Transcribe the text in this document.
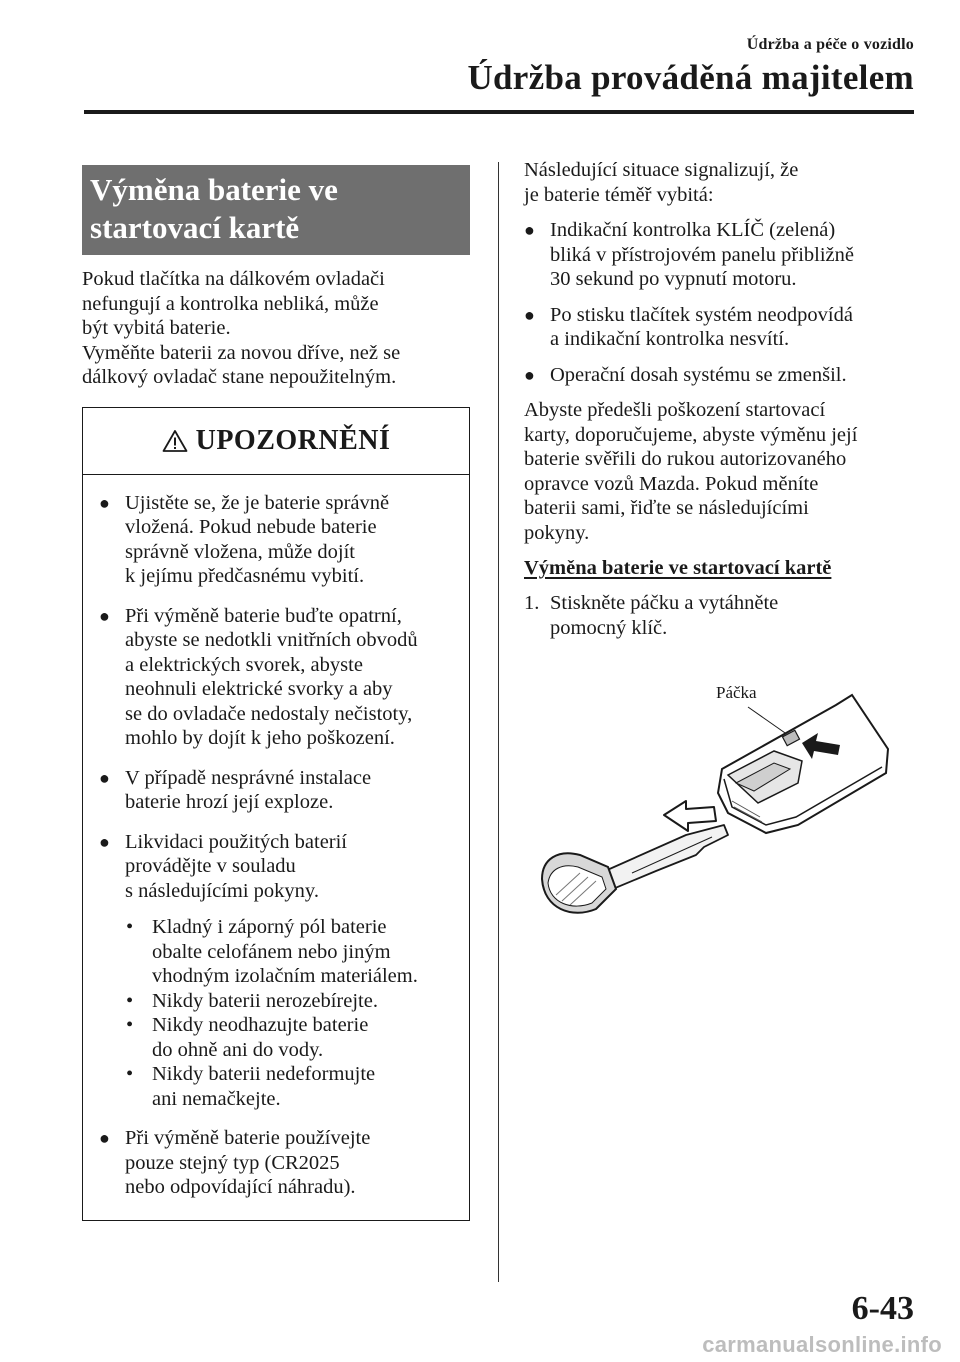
Údržba a péče o vozidlo
Údržba prováděná majitelem
Výměna baterie ve
startovací kartě

Pokud tlačítka na dálkovém ovladači
nefungují a kontrolka nebliká, může
být vybitá baterie.
Vyměňte baterii za novou dříve, než se
dálkový ovladač stane nepoužitelným.

UPOZORNĚNÍ
● Ujistěte se, že je baterie správně
vložená. Pokud nebude baterie
správně vložena, může dojít
k jejímu předčasnému vybití.
● Při výměně baterie buďte opatrní,
abyste se nedotkli vnitřních obvodů
a elektrických svorek, abyste
neohnuli elektrické svorky a aby
se do ovladače nedostaly nečistoty,
mohlo by dojít k jeho poškození.
● V případě nesprávné instalace
baterie hrozí její exploze.
● Likvidaci použitých baterií
provádějte v souladu
s následujícími pokyny.
• Kladný i záporný pól baterie
obalte celofánem nebo jiným
vhodným izolačním materiálem.
• Nikdy baterii nerozebírejte.
• Nikdy neodhazujte baterie
do ohně ani do vody.
• Nikdy baterii nedeformujte
ani nemačkejte.
● Při výměně baterie používejte
pouze stejný typ (CR2025
nebo odpovídající náhradu).

Následující situace signalizují, že
je baterie téměř vybitá:

● Indikační kontrolka KLÍČ (zelená)
bliká v přístrojovém panelu přibližně
30 sekund po vypnutí motoru.
● Po stisku tlačítek systém neodpovídá
a indikační kontrolka nesvítí.
● Operační dosah systému se zmenšil.

Abyste předešli poškození startovací
karty, doporučujeme, abyste výměnu její
baterie svěřili do rukou autorizovaného
opravce vozů Mazda. Pokud měníte
baterii sami, řiďte se následujícími
pokyny.

Výměna baterie ve startovací kartě
1. Stiskněte páčku a vytáhněte
pomocný klíč.
Páčka
6-43
carmanualsonline.info
